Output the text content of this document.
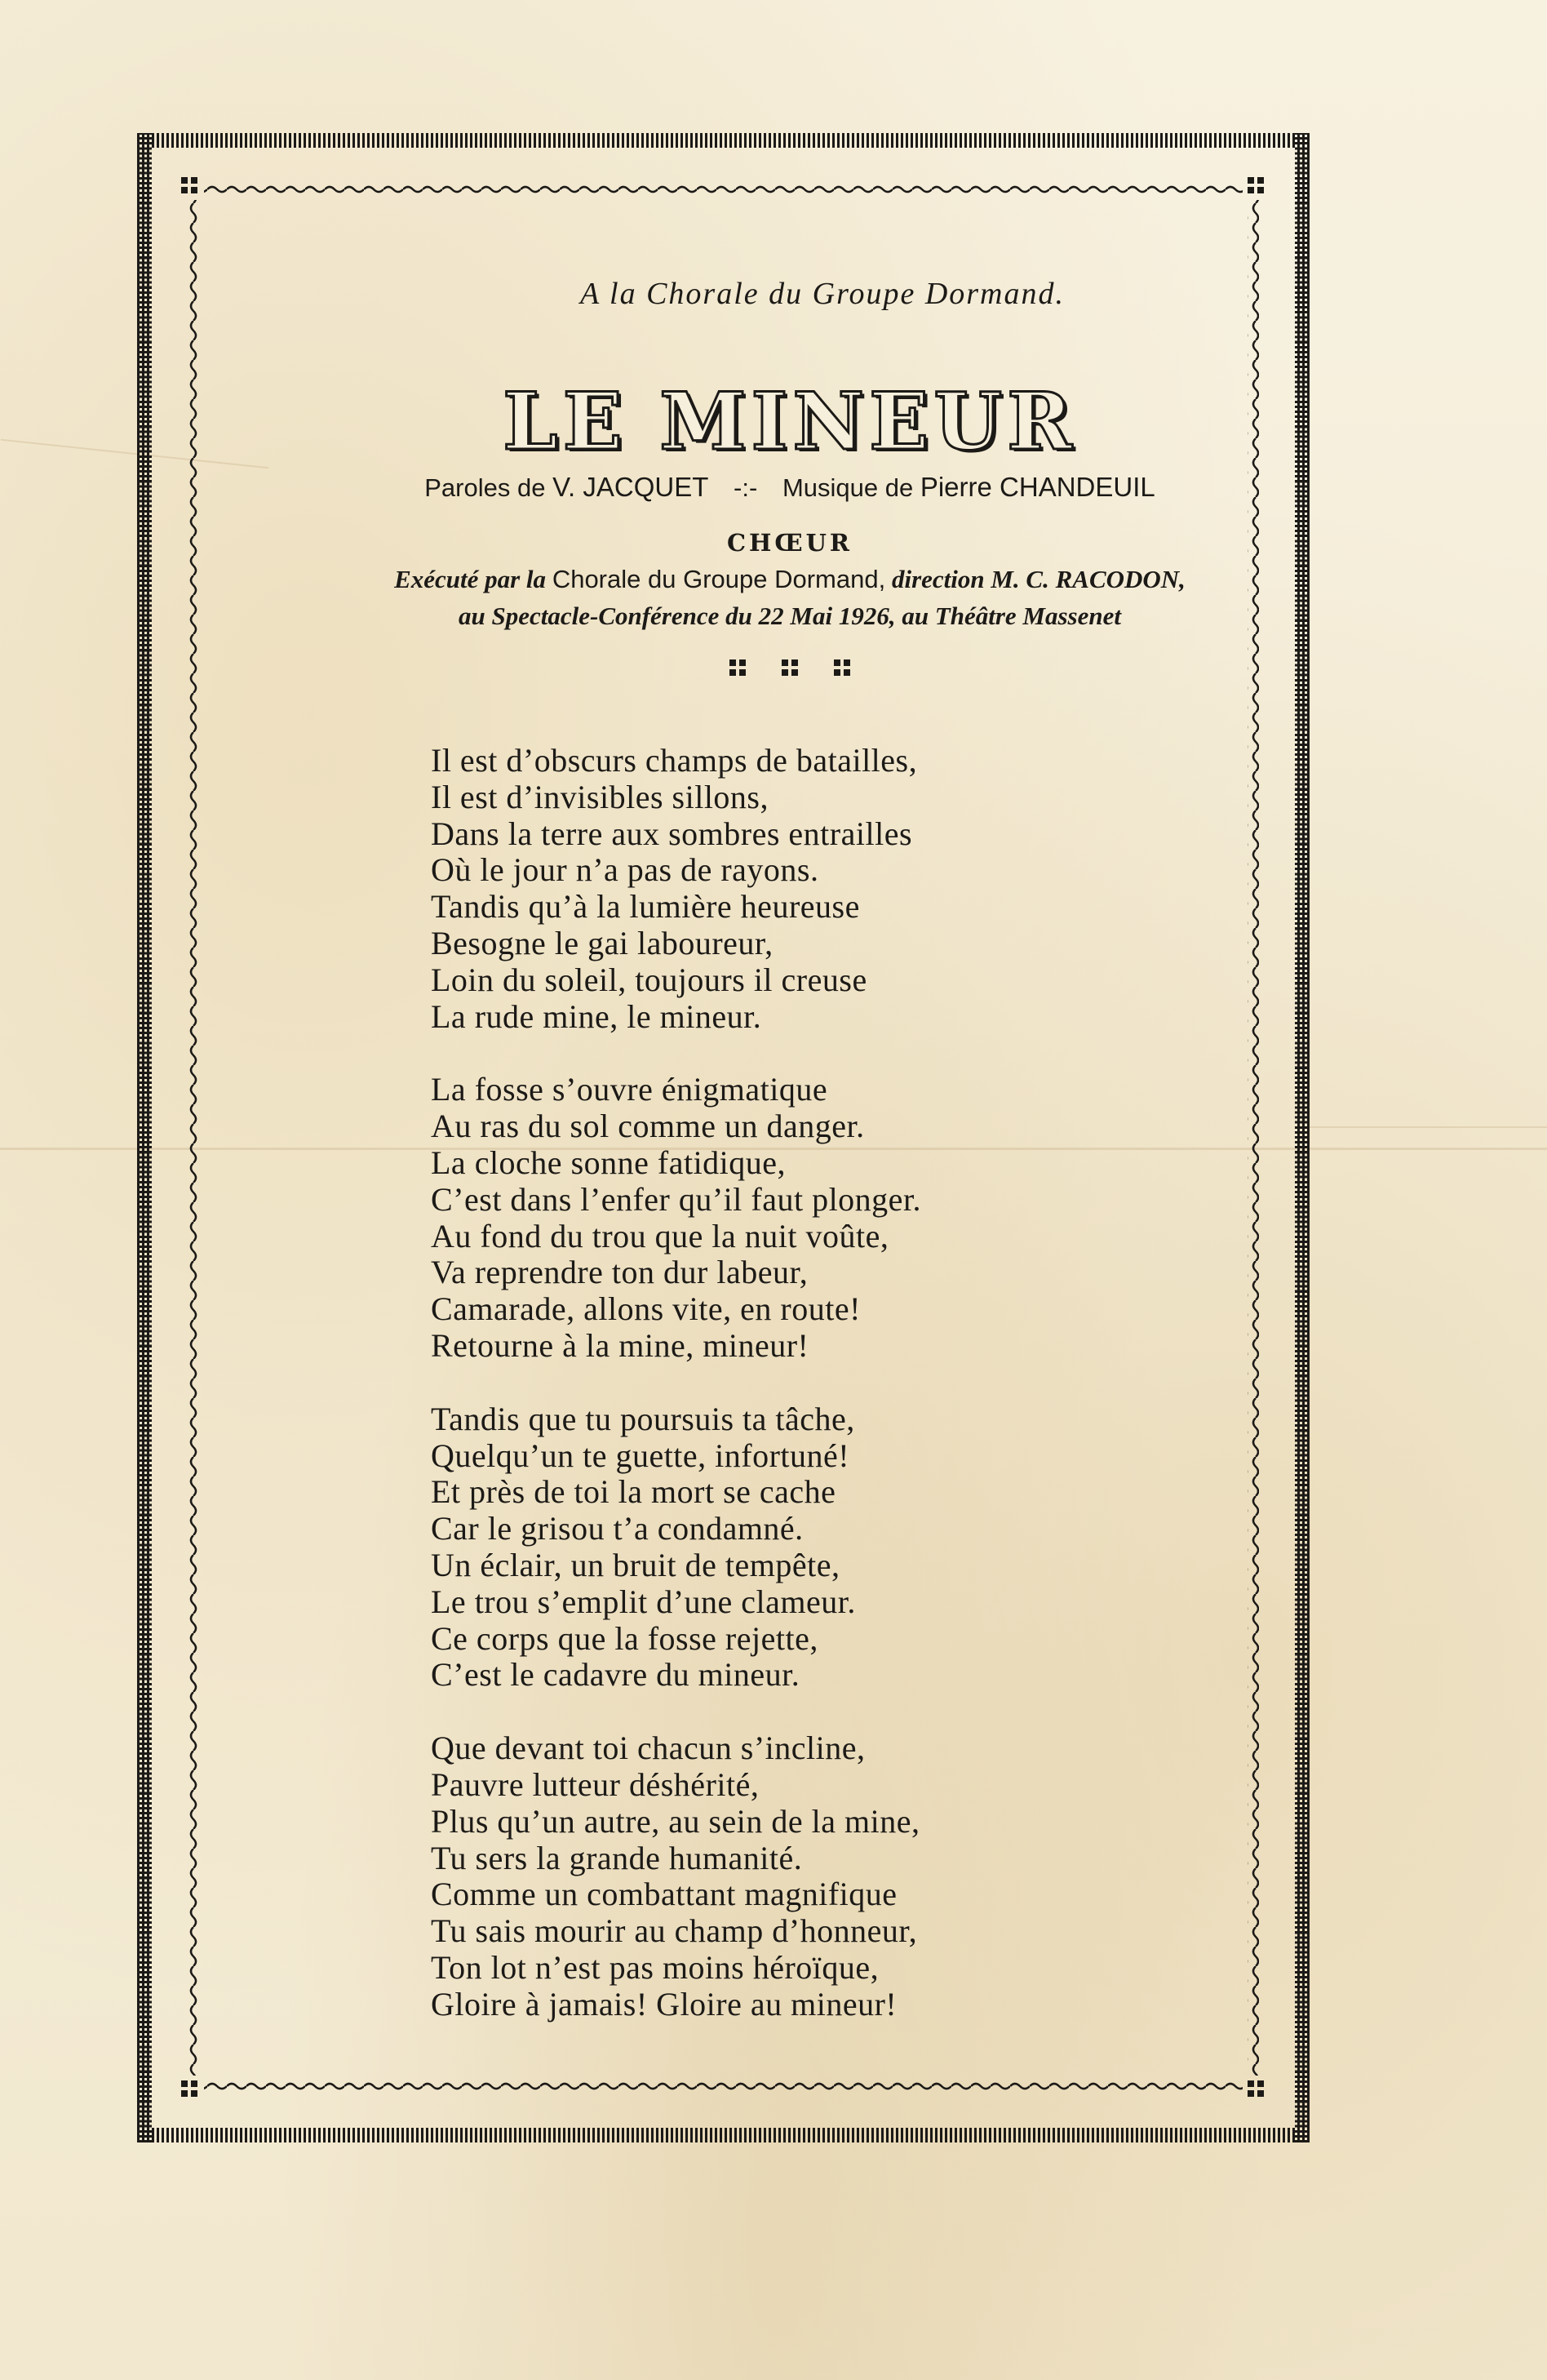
A la Chorale du Groupe Dormand.
LE MINEUR
Paroles de V. JACQUET -:- Musique de Pierre CHANDEUIL
CHŒUR
Exécuté par la Chorale du Groupe Dormand, direction M. C. RACODON,
au Spectacle-Conférence du 22 Mai 1926, au Théâtre Massenet

Il est d’obscurs champs de batailles,
Il est d’invisibles sillons,
Dans la terre aux sombres entrailles
Où le jour n’a pas de rayons.
Tandis qu’à la lumière heureuse
Besogne le gai laboureur,
Loin du soleil, toujours il creuse
La rude mine, le mineur.
La fosse s’ouvre énigmatique
Au ras du sol comme un danger.
La cloche sonne fatidique,
C’est dans l’enfer qu’il faut plonger.
Au fond du trou que la nuit voûte,
Va reprendre ton dur labeur,
Camarade, allons vite, en route!
Retourne à la mine, mineur!
Tandis que tu poursuis ta tâche,
Quelqu’un te guette, infortuné!
Et près de toi la mort se cache
Car le grisou t’a condamné.
Un éclair, un bruit de tempête,
Le trou s’emplit d’une clameur.
Ce corps que la fosse rejette,
C’est le cadavre du mineur.
Que devant toi chacun s’incline,
Pauvre lutteur déshérité,
Plus qu’un autre, au sein de la mine,
Tu sers la grande humanité.
Comme un combattant magnifique
Tu sais mourir au champ d’honneur,
Ton lot n’est pas moins héroïque,
Gloire à jamais! Gloire au mineur!
